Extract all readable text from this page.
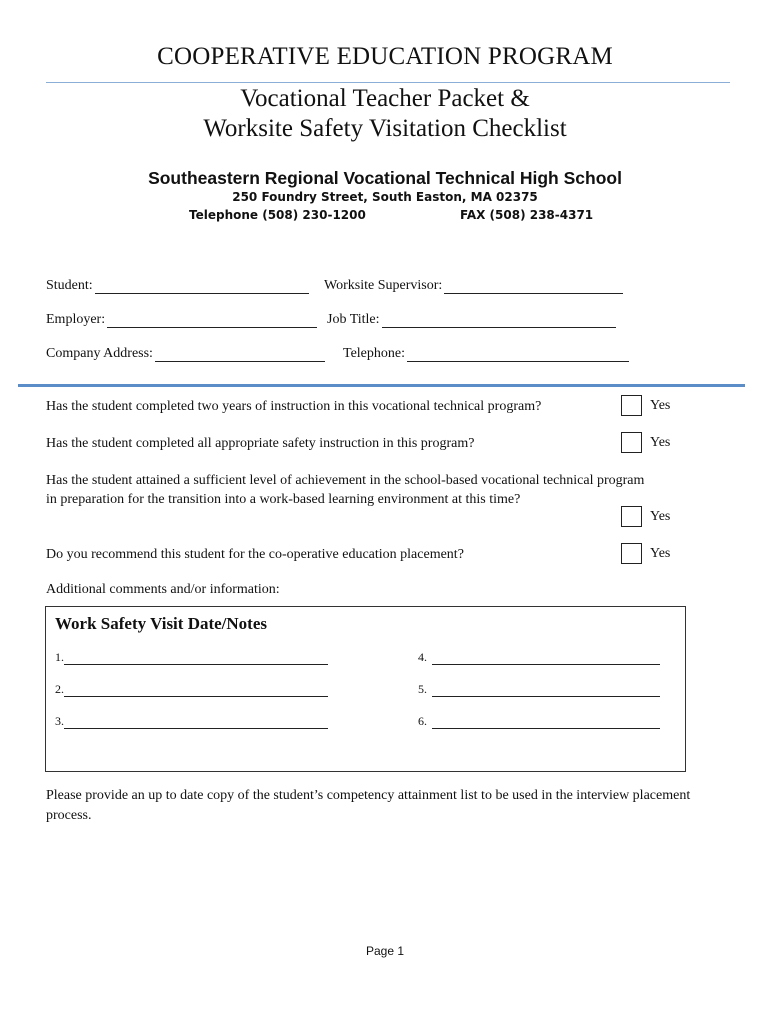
COOPERATIVE EDUCATION PROGRAM
Vocational Teacher Packet &
Worksite Safety Visitation Checklist
Southeastern Regional Vocational Technical High School
250 Foundry Street, South Easton, MA 02375
Telephone (508) 230-1200	FAX (508) 238-4371
Student:	Worksite Supervisor:
Employer:	Job Title:
Company Address:	Telephone:
Has the student completed two years of instruction in this vocational technical program?	Yes
Has the student completed all appropriate safety instruction in this program?	Yes
Has the student attained a sufficient level of achievement in the school-based vocational technical program in preparation for the transition into a work-based learning environment at this time?
Yes
Do you recommend this student for the co-operative education placement?	Yes
Additional comments and/or information:
Work Safety Visit Date/Notes
1.
2.
3.
4.
5.
6.
Please provide an up to date copy of the student’s competency attainment list to be used in the interview placement process.
Page 1
